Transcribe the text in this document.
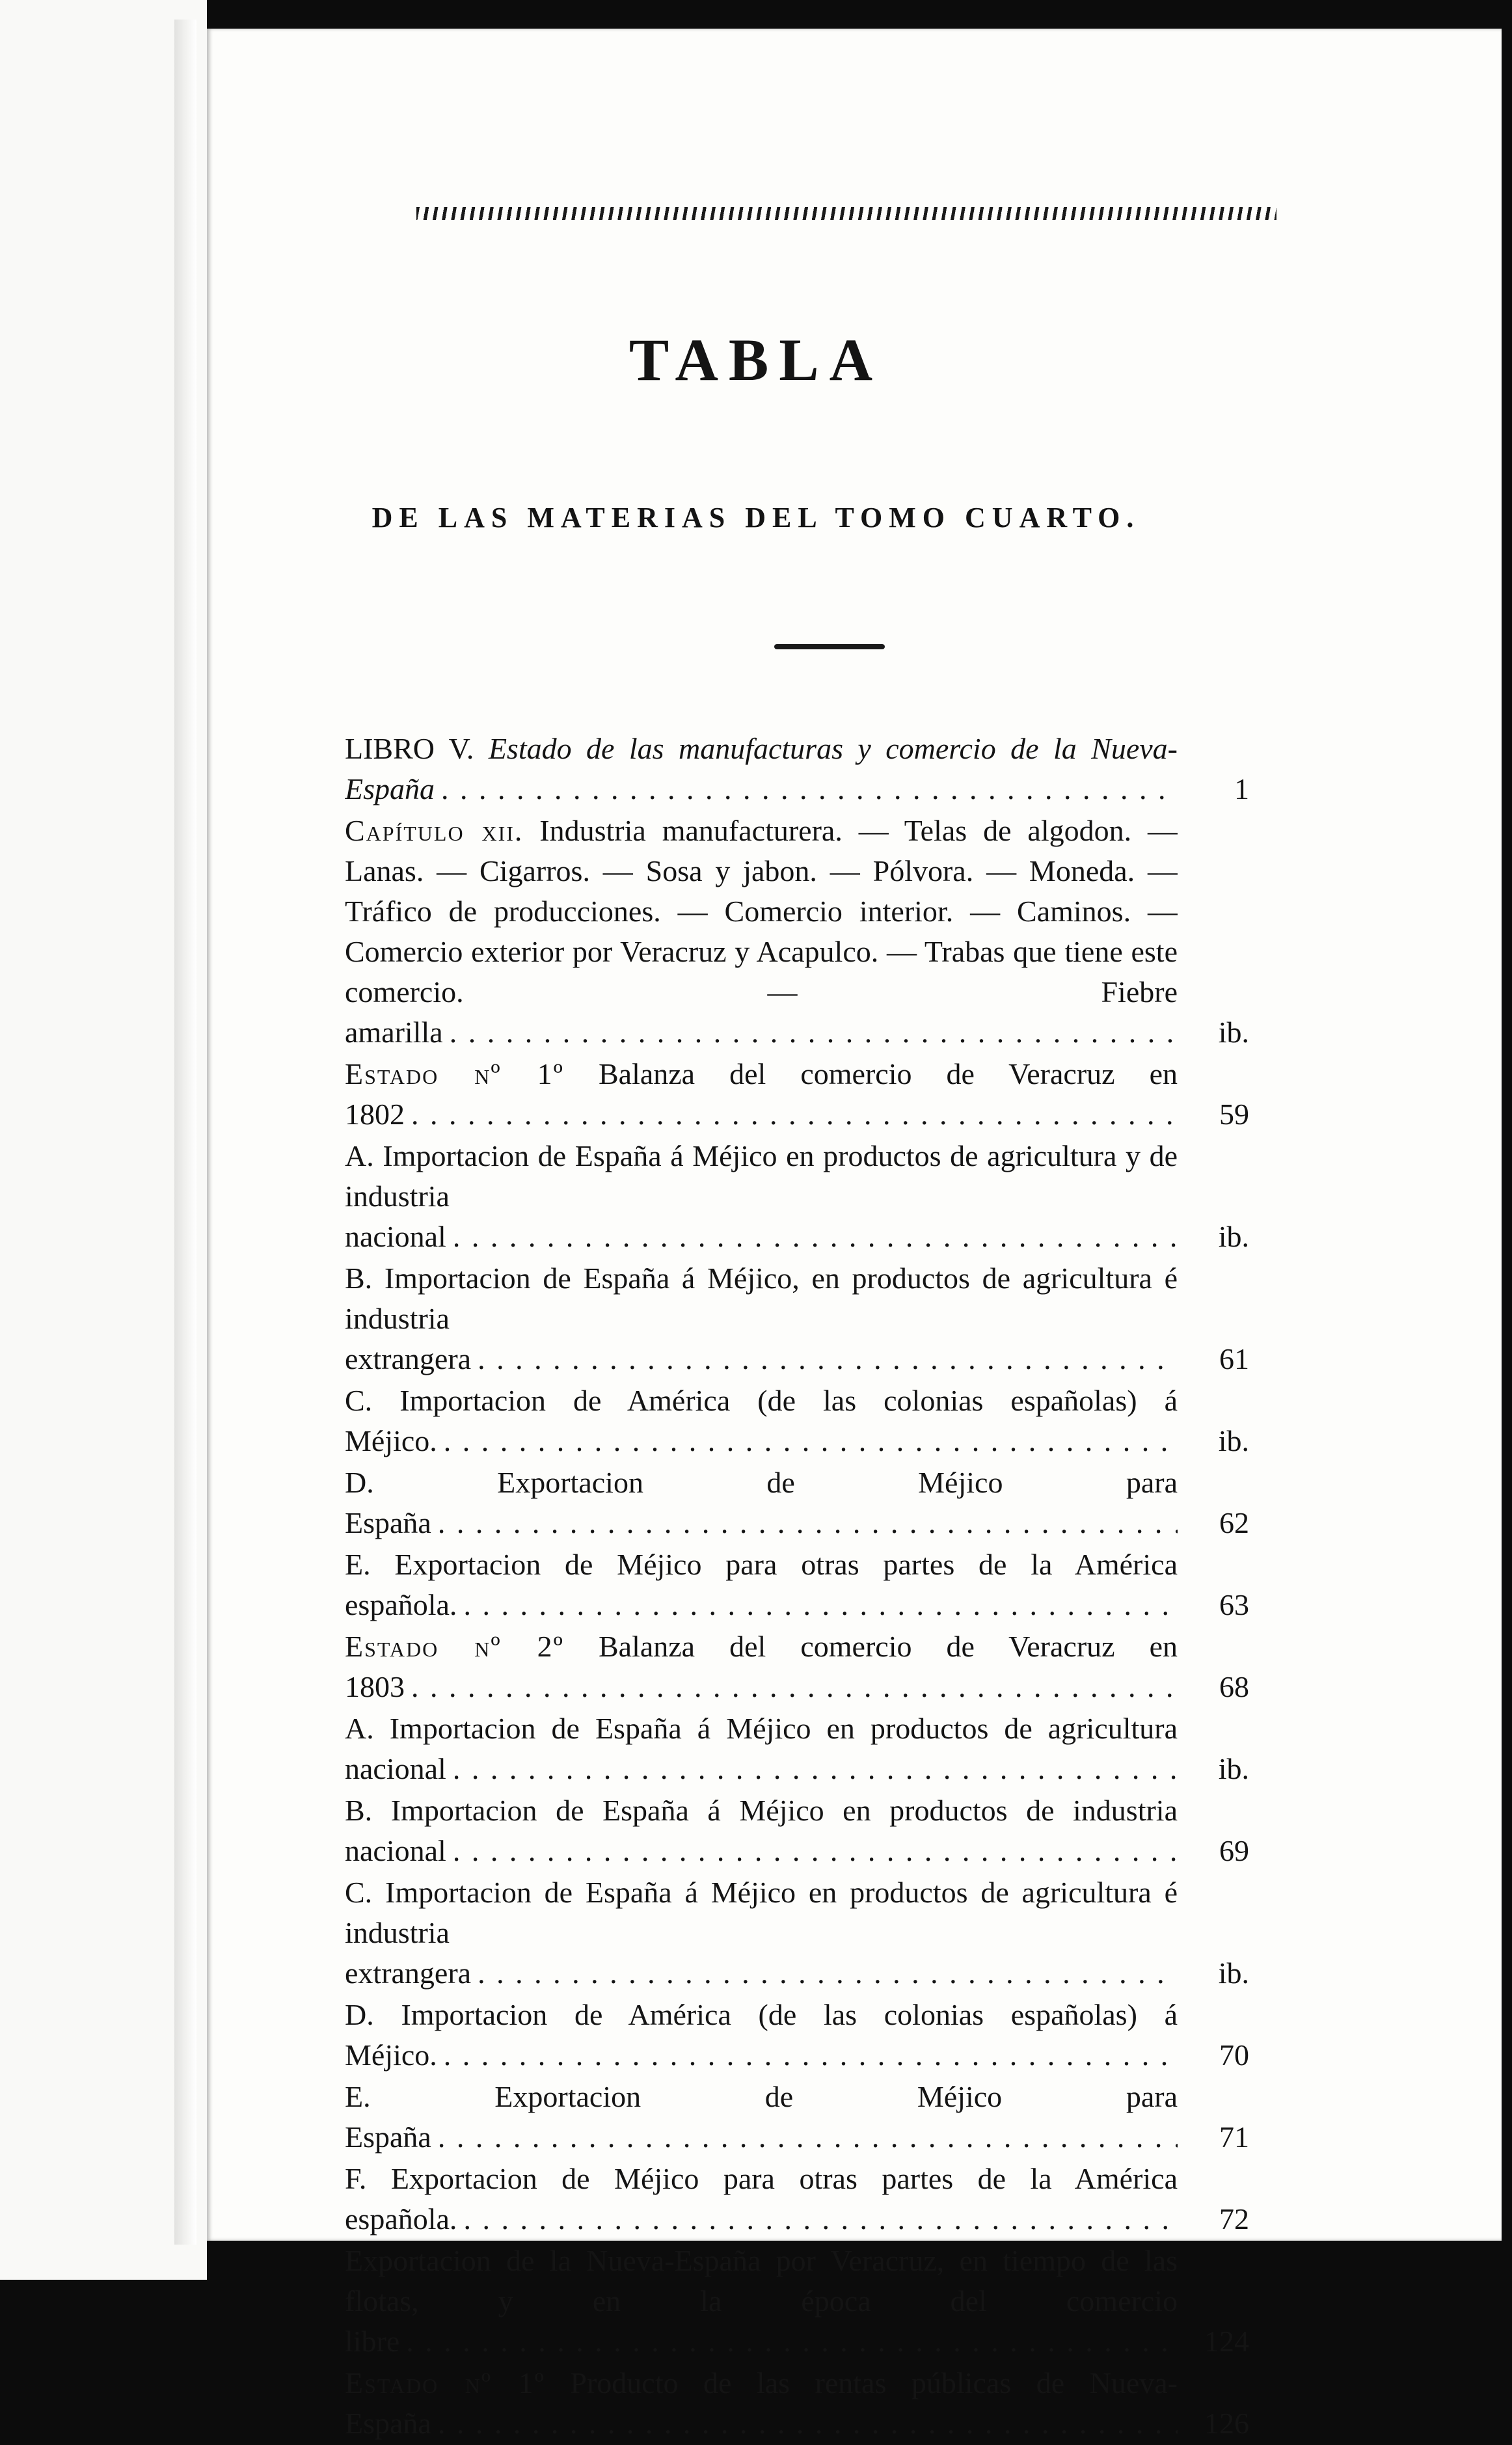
TABLA
DE LAS MATERIAS DEL TOMO CUARTO.
LIBRO V. Estado de las manufacturas y comercio de la Nueva-España . . .	1
Capítulo xii. Industria manufacturera. — Telas de algodon. — Lanas. — Cigarros. — Sosa y jabon. — Pólvora. — Moneda. — Tráfico de producciones. — Comercio interior. — Caminos. — Comercio exterior por Veracruz y Acapulco. — Trabas que tiene este comercio. — Fiebre amarilla . . .	ib.
Estado nº 1º Balanza del comercio de Veracruz en 1802 . . .	59
A. Importacion de España á Méjico en productos de agricultura y de industria nacional . . .	ib.
B. Importacion de España á Méjico, en productos de agricultura é industria extrangera . . .	61
C. Importacion de América (de las colonias españolas) á Méjico. . . .	ib.
D.	Exportacion de Méjico para España . . .	62
E. Exportacion de Méjico para otras partes de la América española. . . .	63
Estado nº 2º Balanza del comercio de Veracruz en 1803 . . .	68
A. Importacion de España á Méjico en productos de agricultura nacional . . .	ib.
B. Importacion de España á Méjico en productos de industria nacional . . .	69
C. Importacion de España á Méjico en productos de agricultura é industria extrangera . . .	ib.
D. Importacion de América (de las colonias españolas) á Méjico. . . .	70
E.	Exportacion de Méjico para España . . .	71
F. Exportacion de Méjico para otras partes de la América española. . . .	72
Exportacion de la Nueva-España por Veracruz, en tiempo de las flotas, y en la época del comercio libre . . .	124
Estado nº 1º Producto de las rentas públicas de Nueva-España . . .	126
